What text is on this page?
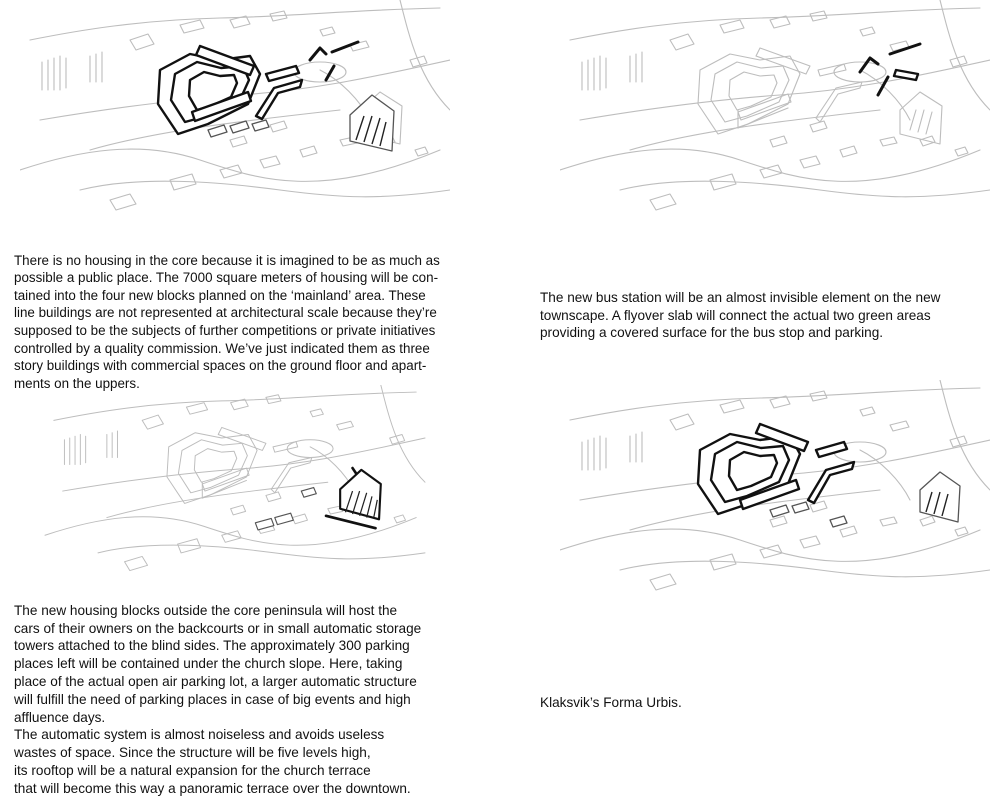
There is no housing in the core because it is imagined to be as much as
possible a public place. The 7000 square meters of housing will be con-
tained into the four new blocks planned on the ‘mainland’ area. These
line buildings are not represented at architectural scale because they’re
supposed to be the subjects of further competitions or private initiatives
controlled by a quality commission. We’ve just indicated them as three
story buildings with commercial spaces on the ground floor and apart-
ments on the uppers.

The new bus station will be an almost invisible element on the new
townscape. A flyover slab will connect the actual two green areas
providing a covered surface for the bus stop and parking.

The new housing blocks outside the core peninsula will host the
cars of their owners on the backcourts or in small automatic storage
towers attached to the blind sides. The approximately 300 parking
places left will be contained under the church slope. Here, taking
place of the actual open air parking lot, a larger automatic structure
will fulfill the need of parking places in case of big events and high
affluence days.
The automatic system is almost noiseless and avoids useless
wastes of space. Since the structure will be five levels high,
its rooftop will be a natural expansion for the church terrace
that will become this way a panoramic terrace over the downtown.

Klaksvik’s Forma Urbis.
